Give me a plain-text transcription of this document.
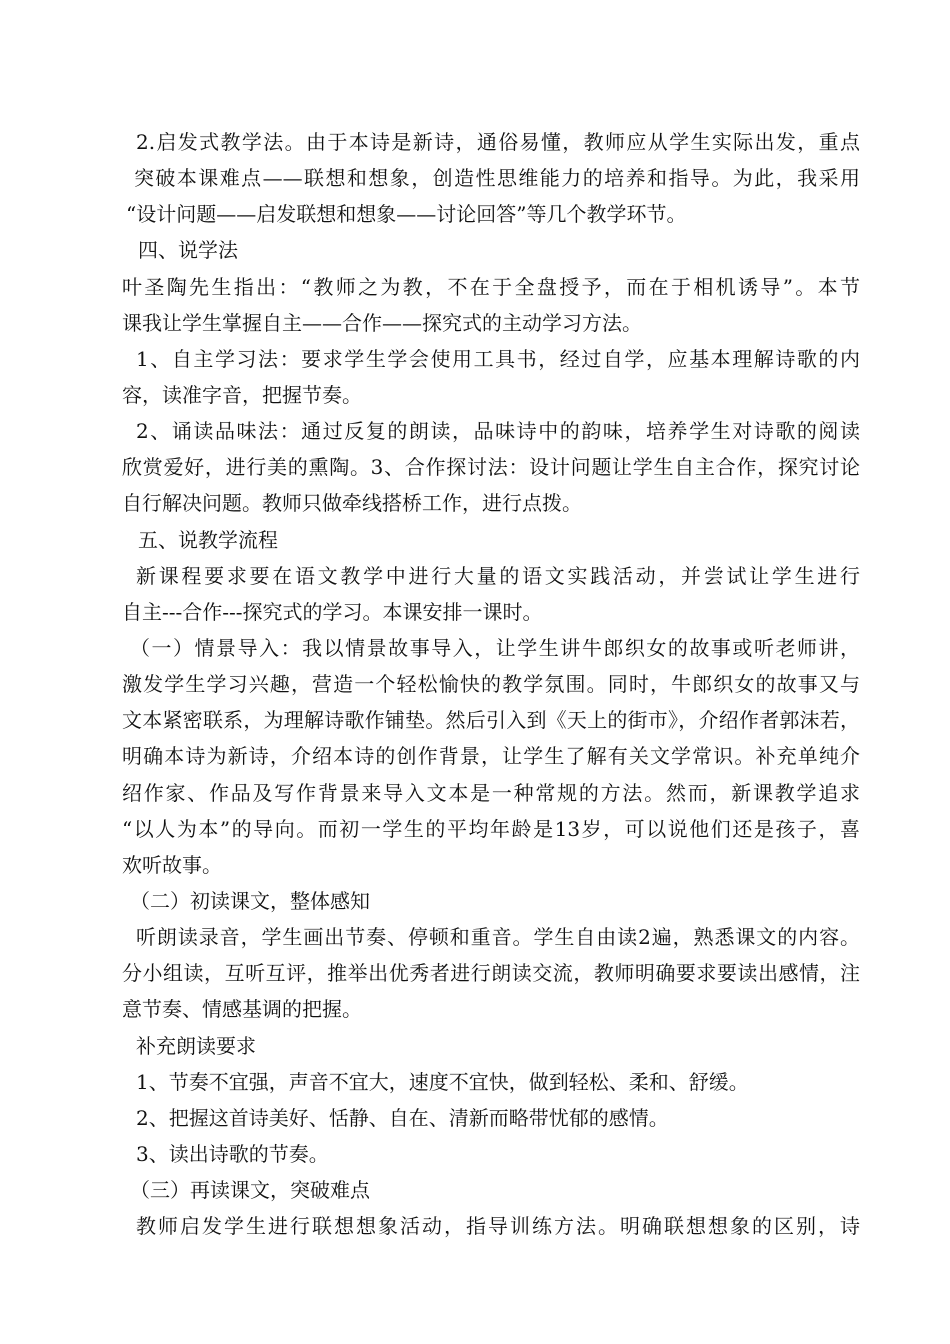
2.启发式教学法。由于本诗是新诗，通俗易懂，教师应从学生实际出发，重点
突破本课难点——联想和想象，创造性思维能力的培养和指导。为此，我采用
“设计问题——启发联想和想象——讨论回答”等几个教学环节。
四、说学法
叶圣陶先生指出：“教师之为教，不在于全盘授予，而在于相机诱导”。本节
课我让学生掌握自主——合作——探究式的主动学习方法。
1、自主学习法：要求学生学会使用工具书，经过自学，应基本理解诗歌的内
容，读准字音，把握节奏。
2、诵读品味法：通过反复的朗读，品味诗中的韵味，培养学生对诗歌的阅读
欣赏爱好，进行美的熏陶。3、合作探讨法：设计问题让学生自主合作，探究讨论
自行解决问题。教师只做牵线搭桥工作，进行点拨。
五、说教学流程
新课程要求要在语文教学中进行大量的语文实践活动，并尝试让学生进行
自主---合作---探究式的学习。本课安排一课时。
（一）情景导入：我以情景故事导入，让学生讲牛郎织女的故事或听老师讲，
激发学生学习兴趣，营造一个轻松愉快的教学氛围。同时，牛郎织女的故事又与
文本紧密联系，为理解诗歌作铺垫。然后引入到《天上的街市》，介绍作者郭沫若，
明确本诗为新诗，介绍本诗的创作背景，让学生了解有关文学常识。补充单纯介
绍作家、作品及写作背景来导入文本是一种常规的方法。然而，新课教学追求
“以人为本”的导向。而初一学生的平均年龄是13岁，可以说他们还是孩子，喜
欢听故事。
（二）初读课文，整体感知
听朗读录音，学生画出节奏、停顿和重音。学生自由读2遍，熟悉课文的内容。
分小组读，互听互评，推举出优秀者进行朗读交流，教师明确要求要读出感情，注
意节奏、情感基调的把握。
补充朗读要求
1、节奏不宜强，声音不宜大，速度不宜快，做到轻松、柔和、舒缓。
2、把握这首诗美好、恬静、自在、清新而略带忧郁的感情。
3、读出诗歌的节奏。
（三）再读课文，突破难点
教师启发学生进行联想想象活动，指导训练方法。明确联想想象的区别，诗
